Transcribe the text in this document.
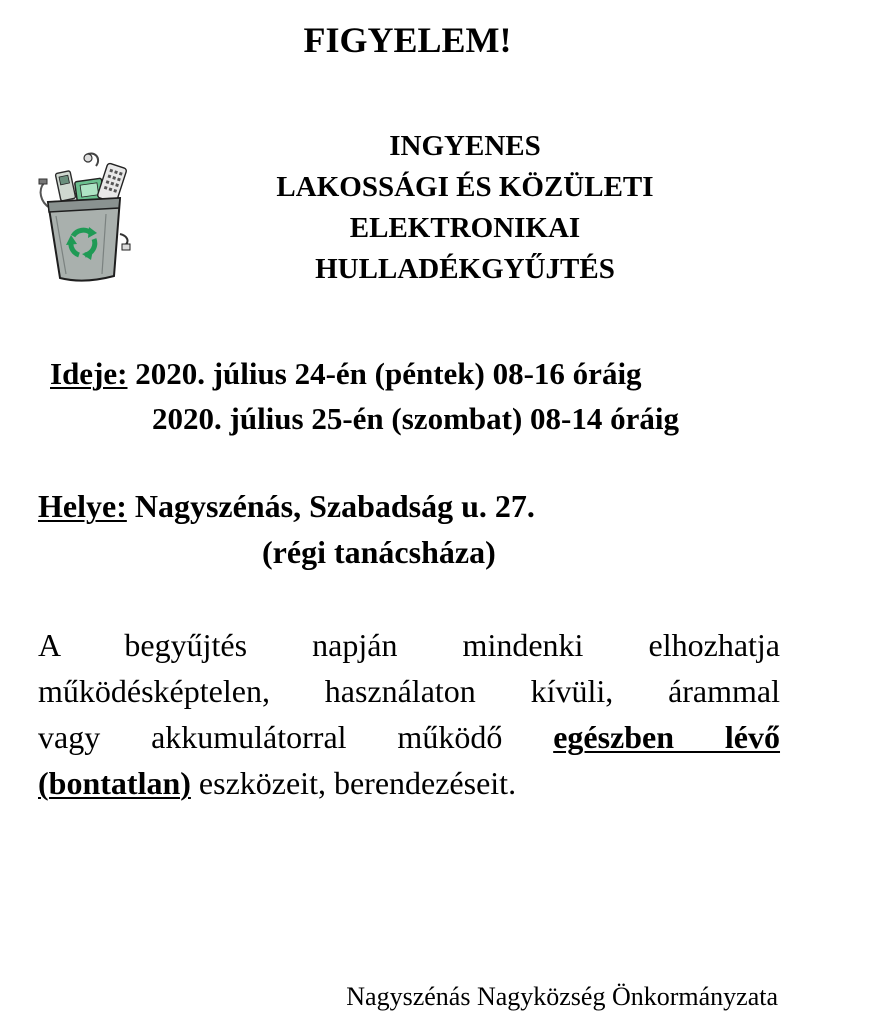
FIGYELEM!
INGYENES
LAKOSSÁGI ÉS KÖZÜLETI
ELEKTRONIKAI
HULLADÉKGYŰJTÉS
Ideje: 2020. július 24-én (péntek) 08-16 óráig
2020. július 25-én (szombat) 08-14 óráig
Helye: Nagyszénás, Szabadság u. 27.
(régi tanácsháza)
A begyűjtés napján mindenki elhozhatja
működésképtelen, használaton kívüli, árammal
vagy akkumulátorral működő egészben lévő
(bontatlan) eszközeit, berendezéseit.
Nagyszénás Nagyközség Önkormányzata
